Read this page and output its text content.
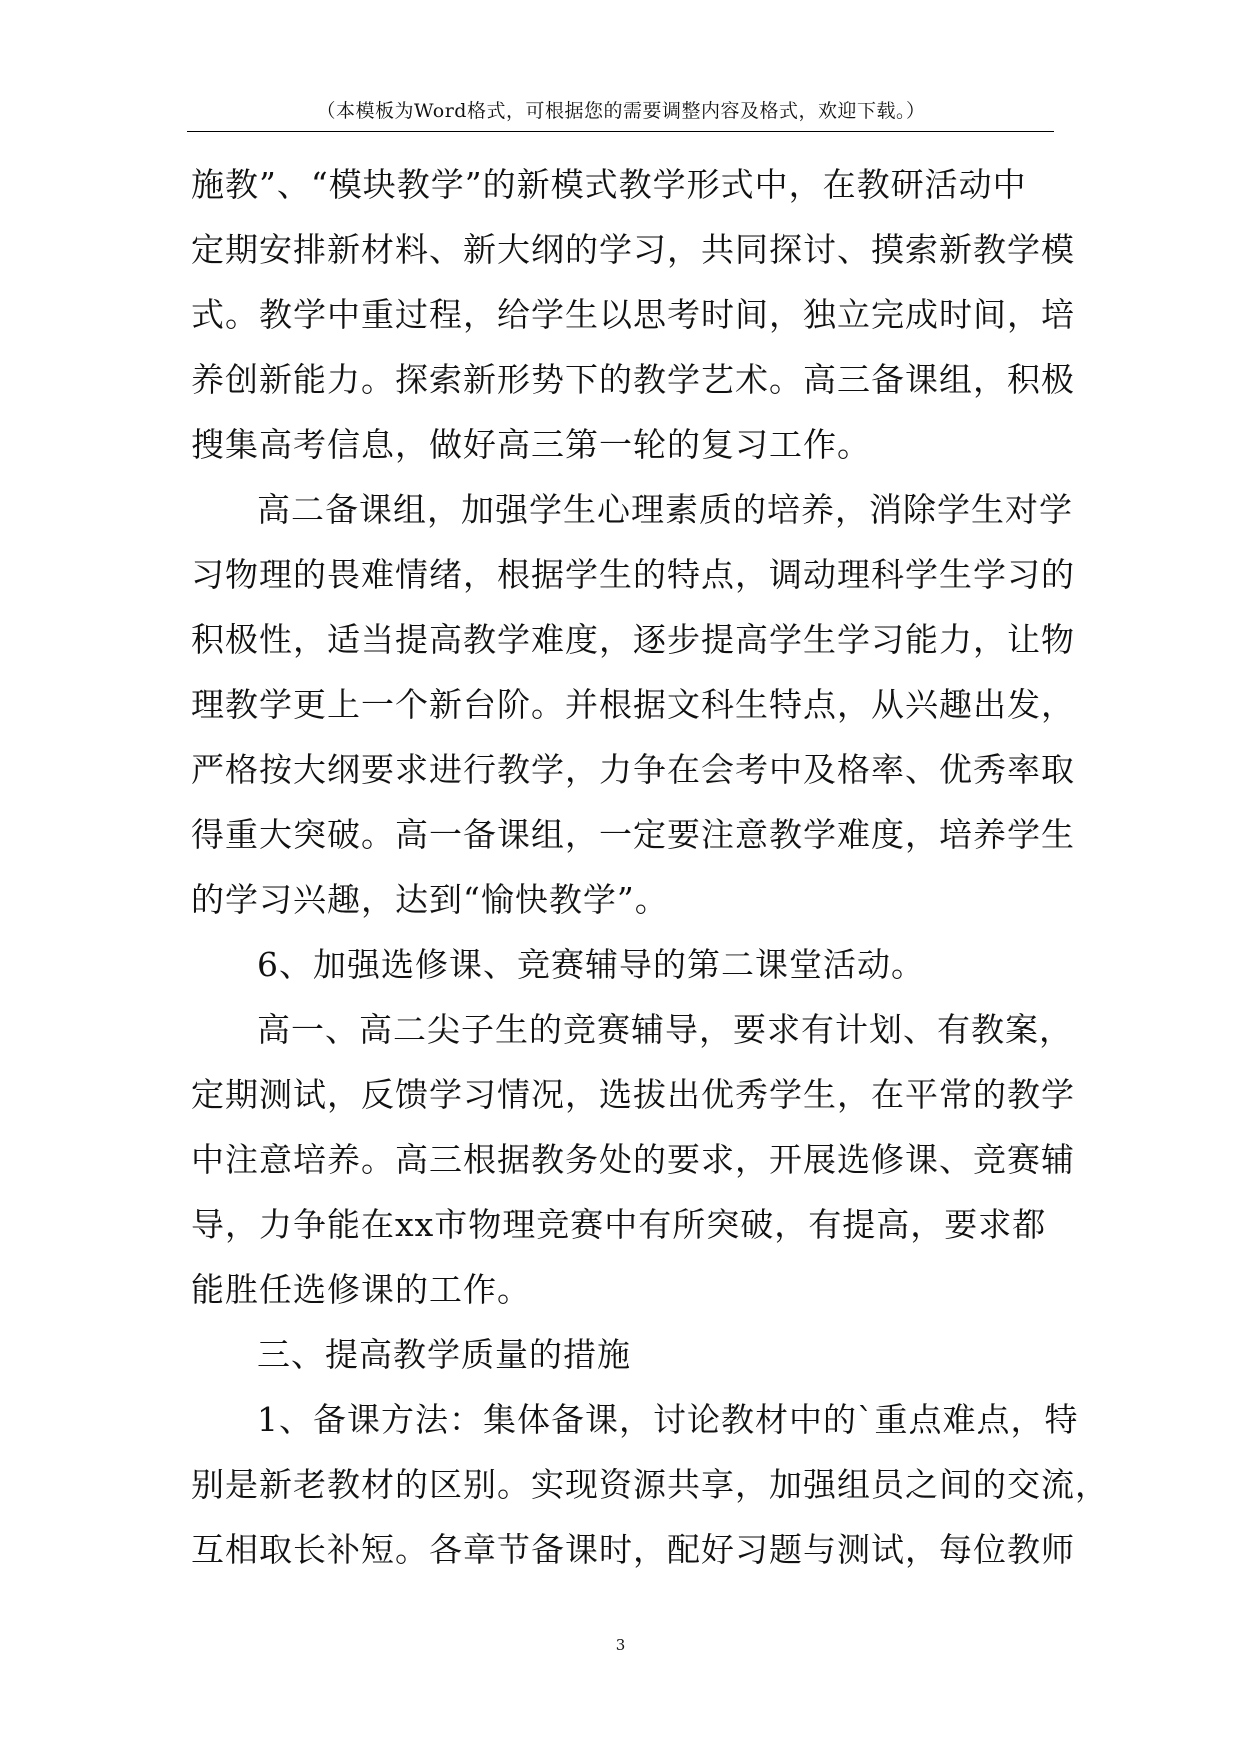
（本模板为Word格式，可根据您的需要调整内容及格式，欢迎下载。）
施教”、“模块教学”的新模式教学形式中，在教研活动中
定期安排新材料、新大纲的学习，共同探讨、摸索新教学模
式。教学中重过程，给学生以思考时间，独立完成时间，培
养创新能力。探索新形势下的教学艺术。高三备课组，积极
搜集高考信息，做好高三第一轮的复习工作。
高二备课组，加强学生心理素质的培养，消除学生对学
习物理的畏难情绪，根据学生的特点，调动理科学生学习的
积极性，适当提高教学难度，逐步提高学生学习能力，让物
理教学更上一个新台阶。并根据文科生特点，从兴趣出发，
严格按大纲要求进行教学，力争在会考中及格率、优秀率取
得重大突破。高一备课组，一定要注意教学难度，培养学生
的学习兴趣，达到“愉快教学”。
6、加强选修课、竞赛辅导的第二课堂活动。
高一、高二尖子生的竞赛辅导，要求有计划、有教案，
定期测试，反馈学习情况，选拔出优秀学生，在平常的教学
中注意培养。高三根据教务处的要求，开展选修课、竞赛辅
导，力争能在xx市物理竞赛中有所突破，有提高，要求都
能胜任选修课的工作。
三、提高教学质量的措施
1、备课方法：集体备课，讨论教材中的`重点难点，特
别是新老教材的区别。实现资源共享，加强组员之间的交流，
互相取长补短。各章节备课时，配好习题与测试，每位教师
3
